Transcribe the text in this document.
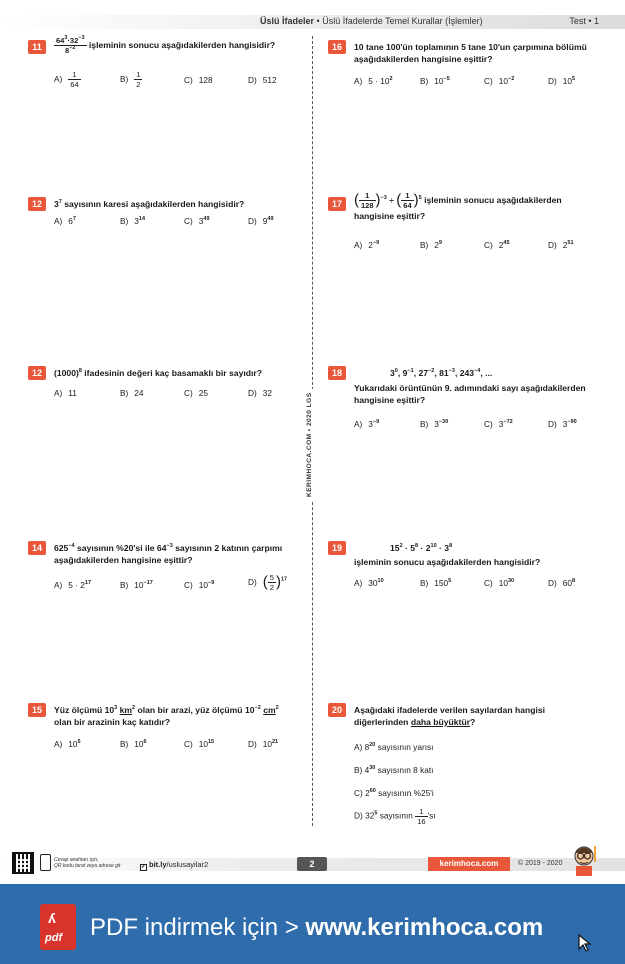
Üslü İfadeler • Üslü İfadelerde Temel Kurallar (İşlemler)	Test • 1
KERIMHOCA.COM • 2020 LGS
11	$\frac{64^3\cdot 32^{-3}}{8^{-2}}$ işleminin sonucu aşağıdakilerden hangisidir?
$A) \frac{1}{64}$	$B) \frac{1}{2}$	C) 128	D) 512
12	$3^7$ sayısının karesi aşağıdakilerden hangisidir?
A) $6^7$	B) $3^{14}$	C) $3^{49}$	D) $9^{49}$
12	$(1000)^8$ ifadesinin değeri kaç basamaklı bir sayıdır?
A) 11	B) 24	C) 25	D) 32
14	$625^{-4}$ sayısının %20'si ile $64^{-3}$ sayısının 2 katının çarpımı
aşağıdakilerden hangisine eşittir?
A) $5 \cdot 2^{17}$	B) $10^{-17}$	C) $10^{-9}$	D) ( $\frac{5}{2} )^{17}$
15	Yüz ölçümü $10^3$ $km^2$ olan bir arazi, yüz ölçümü $10^{-2}$ $cm^2$
olan bir arazinin kaç katıdır?
A) $10^5$	B) $10^6$	C) $10^{15}$	D) $10^{21}$
16	10 tane 100'ün toplamının 5 tane 10'un çarpımına bölümü
aşağıdakilerden hangisine eşittir?
A) $5 \cdot 10^2$	B) $10^{-5}$	C) $10^{-2}$	D) $10^5$
17 ( $\frac{1}{128} )^{-3}$ ÷ ( $\frac{1}{64} )^5$ işleminin sonucu aşağıdakilerden
hangisine eşittir?
A) $2^{-9}$	B) $2^9$	C) $2^{45}$	D) $2^{51}$
18	$3^0$, $9^{-1}$, $27^{-2}$, $81^{-3}$, $243^{-4}$, ...
Yukarıdaki örüntünün 9. adımındaki sayı aşağıdakilerden
hangisine eşittir?
A) $3^{-9}$	B) $3^{-30}$	C) $3^{-72}$	D) $3^{-90}$
19	$15^2 \cdot 5^8 \cdot 2^{10} \cdot 3^8$
işleminin sonucu aşağıdakilerden hangisidir?
A) $30^{10}$	B) $150^5$	C) $10^{30}$	D) $60^8$
20	Aşağıdaki ifadelerde verilen sayılardan hangisi
diğerlerinden daha büyüktür?
A) $8^{20}$ sayısının yarısı
B) $4^{30}$ sayısının 8 katı
C) $2^{60}$ sayısının %25'i
D) $32^5$ sayısının $\frac{1}{16}$ 'sı
Cevap anahtarı için,
QR kodu tarat veya adrese git	✓ bit.ly/uslusayilar2	2	kerimhoca.com	© 2019 - 2020
ʎ
pdf PDF indirmek için > www.kerimhoca.com
